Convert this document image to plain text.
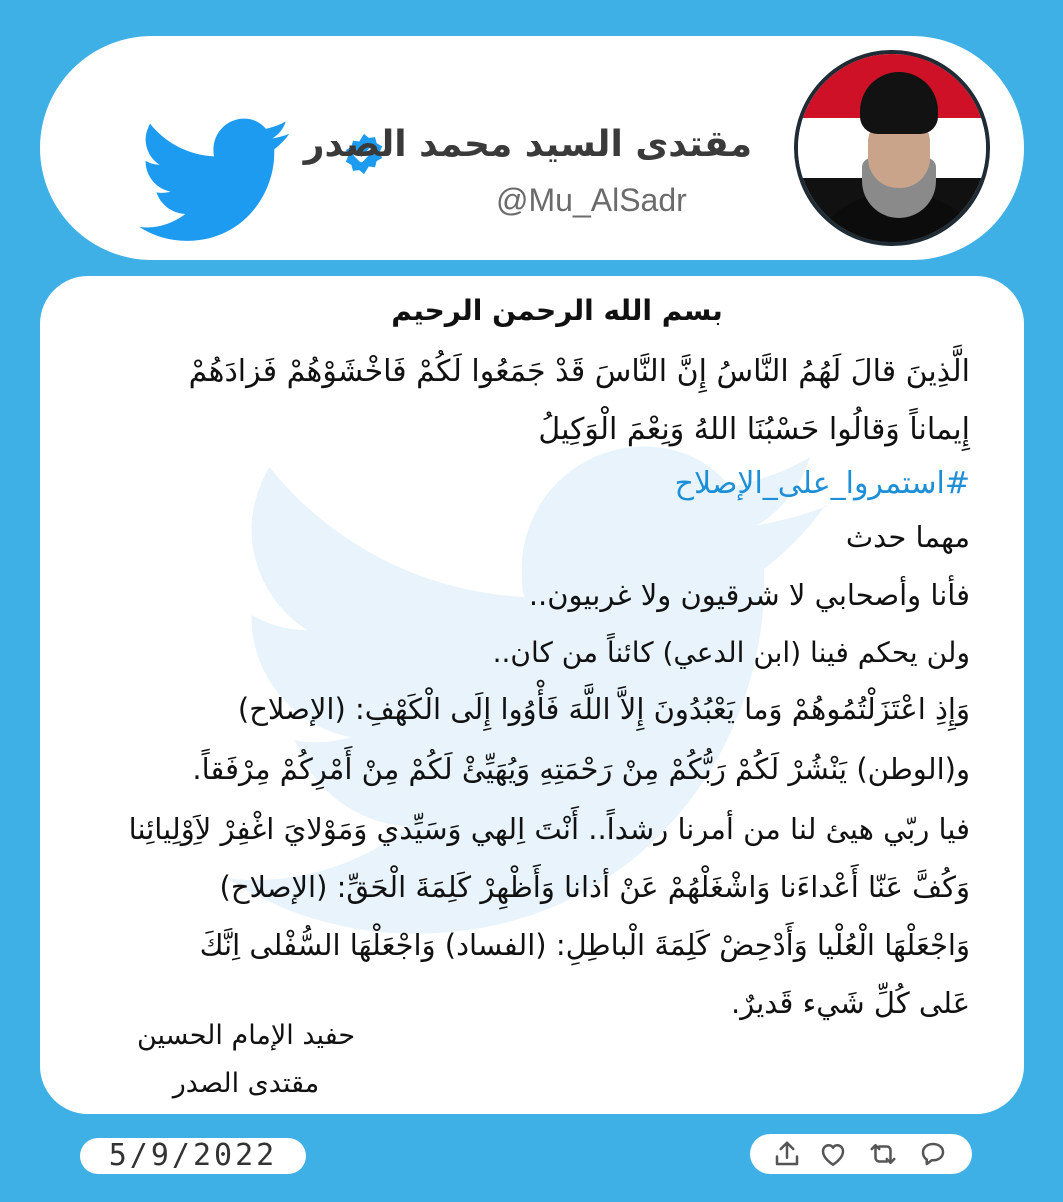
مقتدى السيد محمد الصدر
@Mu_AlSadr
بسم الله الرحمن الرحيم
الَّذِينَ قالَ لَهُمُ النَّاسُ إِنَّ النَّاسَ قَدْ جَمَعُوا لَكُمْ فَاخْشَوْهُمْ فَزادَهُمْ
إِيماناً وَقالُوا حَسْبُنَا اللهُ وَنِعْمَ الْوَكِيلُ
#استمروا_على_الإصلاح
مهما حدث
فأنا وأصحابي لا شرقيون ولا غربيون..
ولن يحكم فينا (ابن الدعي) كائناً من كان..
وَإِذِ اعْتَزَلْتُمُوهُمْ وَما يَعْبُدُونَ إِلاَّ اللَّهَ فَأْوُوا إِلَى الْكَهْفِ: (الإصلاح)
و(الوطن) يَنْشُرْ لَكُمْ رَبُّكُمْ مِنْ رَحْمَتِهِ وَيُهَيِّئْ لَكُمْ مِنْ أَمْرِكُمْ مِرْفَقاً.
فيا ربّي هيئ لنا من أمرنا رشداً.. أَنْتَ اِلهي وَسَيِّدي وَمَوْلايَ اغْفِرْ لاَِوْلِيائِنا
وَكُفَّ عَنّا أَعْداءَنا وَاشْغَلْهُمْ عَنْ أذانا وَأَظْهِرْ كَلِمَةَ الْحَقِّ: (الإصلاح)
وَاجْعَلْهَا الْعُلْيا وَأَدْحِضْ كَلِمَةَ الْباطِلِ: (الفساد) وَاجْعَلْهَا السُّفْلى اِنَّكَ
عَلى كُلِّ شَيء قَديرٌ.
حفيد الإمام الحسين
مقتدى الصدر
5/9/2022
